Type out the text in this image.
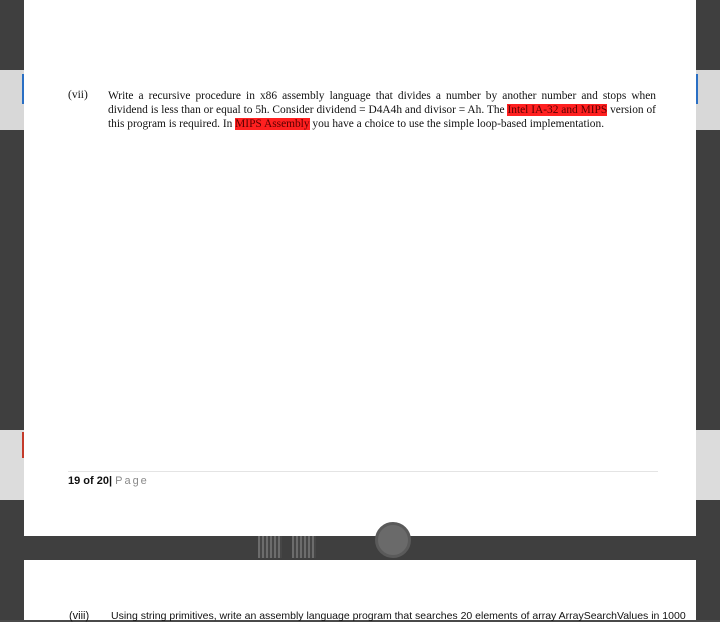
(vii) Write a recursive procedure in x86 assembly language that divides a number by another number and stops when dividend is less than or equal to 5h. Consider dividend = D4A4h and divisor = Ah. The Intel IA-32 and MIPS version of this program is required. In MIPS Assembly you have a choice to use the simple loop-based implementation.
19 of 20| Page
ᅠ
(viii) Using string primitives, write an assembly language program that searches 20 elements of array ArraySearchValues in 1000
